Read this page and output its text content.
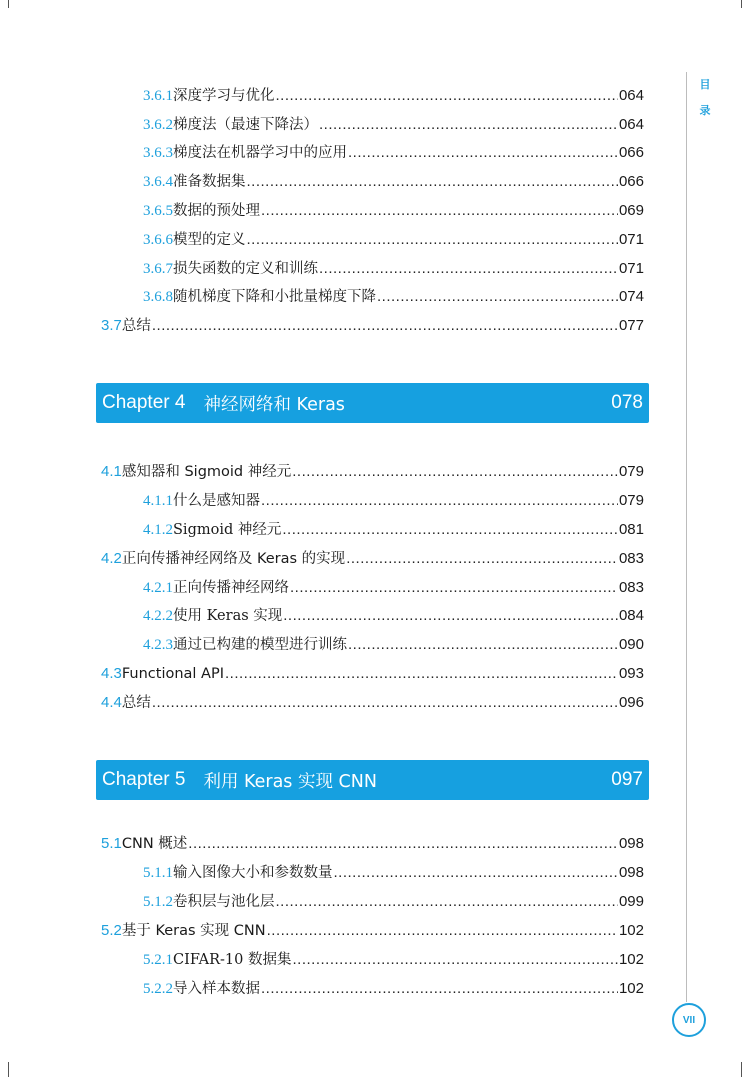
目
录
VII
3.6.1 深度学习与优化 .....	064
3.6.2 梯度法（最速下降法） .....	064
3.6.3 梯度法在机器学习中的应用 .....	066
3.6.4 准备数据集 .....	066
3.6.5 数据的预处理 .....	069
3.6.6 模型的定义 .....	071
3.6.7 损失函数的定义和训练 .....	071
3.6.8 随机梯度下降和小批量梯度下降 .....	074
3.7 总结 .....	077
Chapter 4 神经网络和 Keras	078
4.1 感知器和 Sigmoid 神经元 .....	079
4.1.1 什么是感知器 .....	079
4.1.2 Sigmoid 神经元 .....	081
4.2 正向传播神经网络及 Keras 的实现 .....	083
4.2.1 正向传播神经网络 .....	083
4.2.2 使用 Keras 实现 .....	084
4.2.3 通过已构建的模型进行训练 .....	090
4.3 Functional API .....	093
4.4 总结 .....	096
Chapter 5 利用 Keras 实现 CNN	097
5.1 CNN 概述 .....	098
5.1.1 输入图像大小和参数数量 .....	098
5.1.2 卷积层与池化层 .....	099
5.2 基于 Keras 实现 CNN .....	102
5.2.1 CIFAR-10 数据集 .....	102
5.2.2 导入样本数据 .....	102
